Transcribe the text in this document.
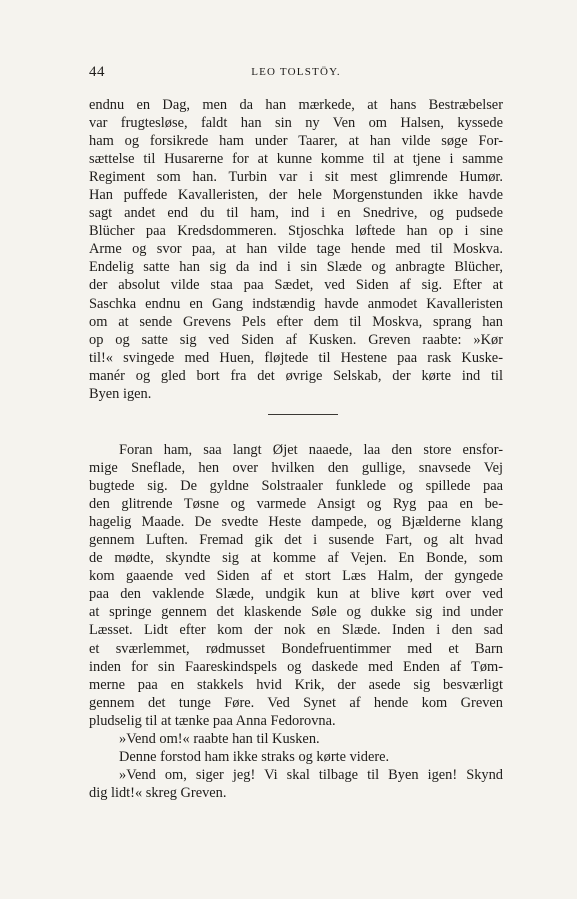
44	LEO TOLSTÖY.
endnu en Dag, men da han mærkede, at hans Bestræbelser
var frugtesløse, faldt han sin ny Ven om Halsen, kyssede
ham og forsikrede ham under Taarer, at han vilde søge For-
sættelse til Husarerne for at kunne komme til at tjene i samme
Regiment som han. Turbin var i sit mest glimrende Humør.
Han puffede Kavalleristen, der hele Morgenstunden ikke havde
sagt andet end du til ham, ind i en Snedrive, og pudsede
Blücher paa Kredsdommeren. Stjoschka løftede han op i sine
Arme og svor paa, at han vilde tage hende med til Moskva.
Endelig satte han sig da ind i sin Slæde og anbragte Blücher,
der absolut vilde staa paa Sædet, ved Siden af sig. Efter at
Saschka endnu en Gang indstændig havde anmodet Kavalleristen
om at sende Grevens Pels efter dem til Moskva, sprang han
op og satte sig ved Siden af Kusken. Greven raabte: »Kør
til!« svingede med Huen, fløjtede til Hestene paa rask Kuske-
manér og gled bort fra det øvrige Selskab, der kørte ind til
Byen igen.
Foran ham, saa langt Øjet naaede, laa den store ensfor-
mige Sneflade, hen over hvilken den gullige, snavsede Vej
bugtede sig. De gyldne Solstraaler funklede og spillede paa
den glitrende Tøsne og varmede Ansigt og Ryg paa en be-
hagelig Maade. De svedte Heste dampede, og Bjælderne klang
gennem Luften. Fremad gik det i susende Fart, og alt hvad
de mødte, skyndte sig at komme af Vejen. En Bonde, som
kom gaaende ved Siden af et stort Læs Halm, der gyngede
paa den vaklende Slæde, undgik kun at blive kørt over ved
at springe gennem det klaskende Søle og dukke sig ind under
Læsset. Lidt efter kom der nok en Slæde. Inden i den sad
et sværlemmet, rødmusset Bondefruentimmer med et Barn
inden for sin Faareskindspels og daskede med Enden af Tøm-
merne paa en stakkels hvid Krik, der asede sig besværligt
gennem det tunge Føre. Ved Synet af hende kom Greven
pludselig til at tænke paa Anna Fedorovna.
»Vend om!« raabte han til Kusken.
Denne forstod ham ikke straks og kørte videre.
»Vend om, siger jeg! Vi skal tilbage til Byen igen! Skynd
dig lidt!« skreg Greven.
